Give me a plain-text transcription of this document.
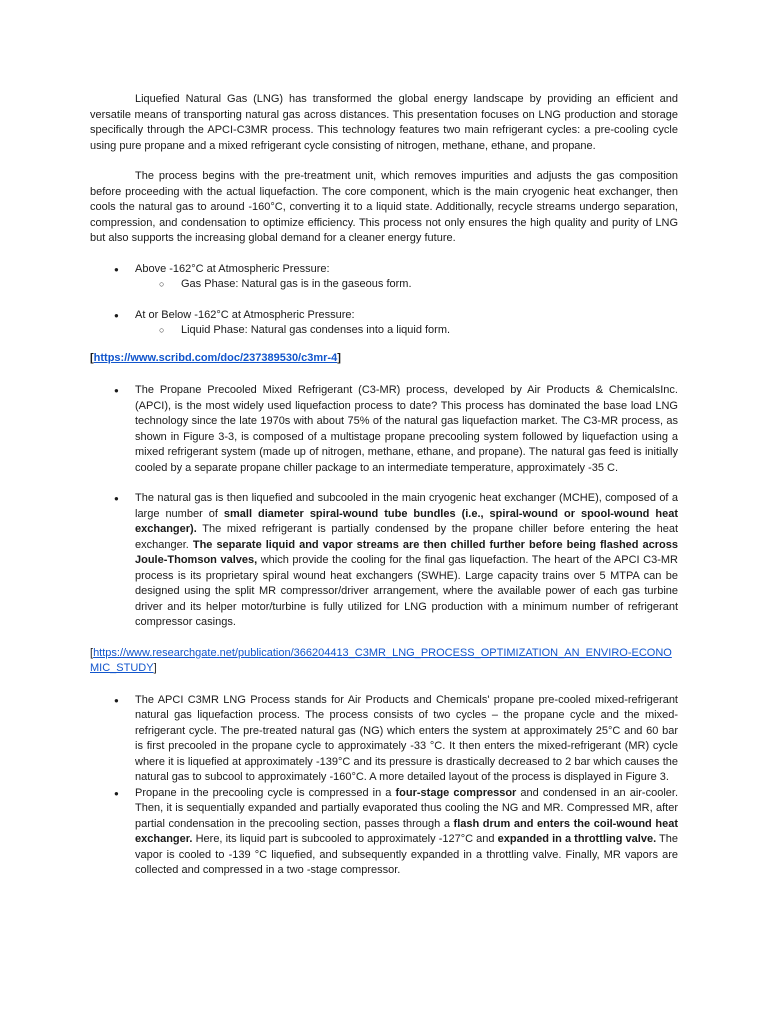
Liquefied Natural Gas (LNG) has transformed the global energy landscape by providing an efficient and versatile means of transporting natural gas across distances. This presentation focuses on LNG production and storage specifically through the APCI-C3MR process. This technology features two main refrigerant cycles: a pre-cooling cycle using pure propane and a mixed refrigerant cycle consisting of nitrogen, methane, ethane, and propane.

The process begins with the pre-treatment unit, which removes impurities and adjusts the gas composition before proceeding with the actual liquefaction. The core component, which is the main cryogenic heat exchanger, then cools the natural gas to around -160°C, converting it to a liquid state. Additionally, recycle streams undergo separation, compression, and condensation to optimize efficiency. This process not only ensures the high quality and purity of LNG but also supports the increasing global demand for a cleaner energy future.

● Above -162°C at Atmospheric Pressure:
○ Gas Phase: Natural gas is in the gaseous form.
● At or Below -162°C at Atmospheric Pressure:
○ Liquid Phase: Natural gas condenses into a liquid form.

[https://www.scribd.com/doc/237389530/c3mr-4]

● The Propane Precooled Mixed Refrigerant (C3-MR) process, developed by Air Products & ChemicalsInc. (APCI), is the most widely used liquefaction process to date? This process has dominated the base load LNG technology since the late 1970s with about 75% of the natural gas liquefaction market. The C3-MR process, as shown in Figure 3-3, is composed of a multistage propane precooling system followed by liquefaction using a mixed refrigerant system (made up of nitrogen, methane, ethane, and propane). The natural gas feed is initially cooled by a separate propane chiller package to an intermediate temperature, approximately -35 C.
● The natural gas is then liquefied and subcooled in the main cryogenic heat exchanger (MCHE), composed of a large number of small diameter spiral-wound tube bundles (i.e., spiral-wound or spool-wound heat exchanger). The mixed refrigerant is partially condensed by the propane chiller before entering the heat exchanger. The separate liquid and vapor streams are then chilled further before being flashed across Joule-Thomson valves, which provide the cooling for the final gas liquefaction. The heart of the APCI C3-MR process is its proprietary spiral wound heat exchangers (SWHE). Large capacity trains over 5 MTPA can be designed using the split MR compressor/driver arrangement, where the available power of each gas turbine driver and its helper motor/turbine is fully utilized for LNG production with a minimum number of refrigerant compressor casings.

[https://www.researchgate.net/publication/366204413_C3MR_LNG_PROCESS_OPTIMIZATION_AN_ENVIRO-ECONOMIC_STUDY]

● The APCI C3MR LNG Process stands for Air Products and Chemicals' propane pre-cooled mixed-refrigerant natural gas liquefaction process. The process consists of two cycles – the propane cycle and the mixed-refrigerant cycle. The pre-treated natural gas (NG) which enters the system at approximately 25°C and 60 bar is first precooled in the propane cycle to approximately -33 °C. It then enters the mixed-refrigerant (MR) cycle where it is liquefied at approximately -139°C and its pressure is drastically decreased to 2 bar which causes the natural gas to subcool to approximately -160°C. A more detailed layout of the process is displayed in Figure 3.
● Propane in the precooling cycle is compressed in a four-stage compressor and condensed in an air-cooler. Then, it is sequentially expanded and partially evaporated thus cooling the NG and MR. Compressed MR, after partial condensation in the precooling section, passes through a flash drum and enters the coil-wound heat exchanger. Here, its liquid part is subcooled to approximately -127°C and expanded in a throttling valve. The vapor is cooled to -139 °C liquefied, and subsequently expanded in a throttling valve. Finally, MR vapors are collected and compressed in a two -stage compressor.
